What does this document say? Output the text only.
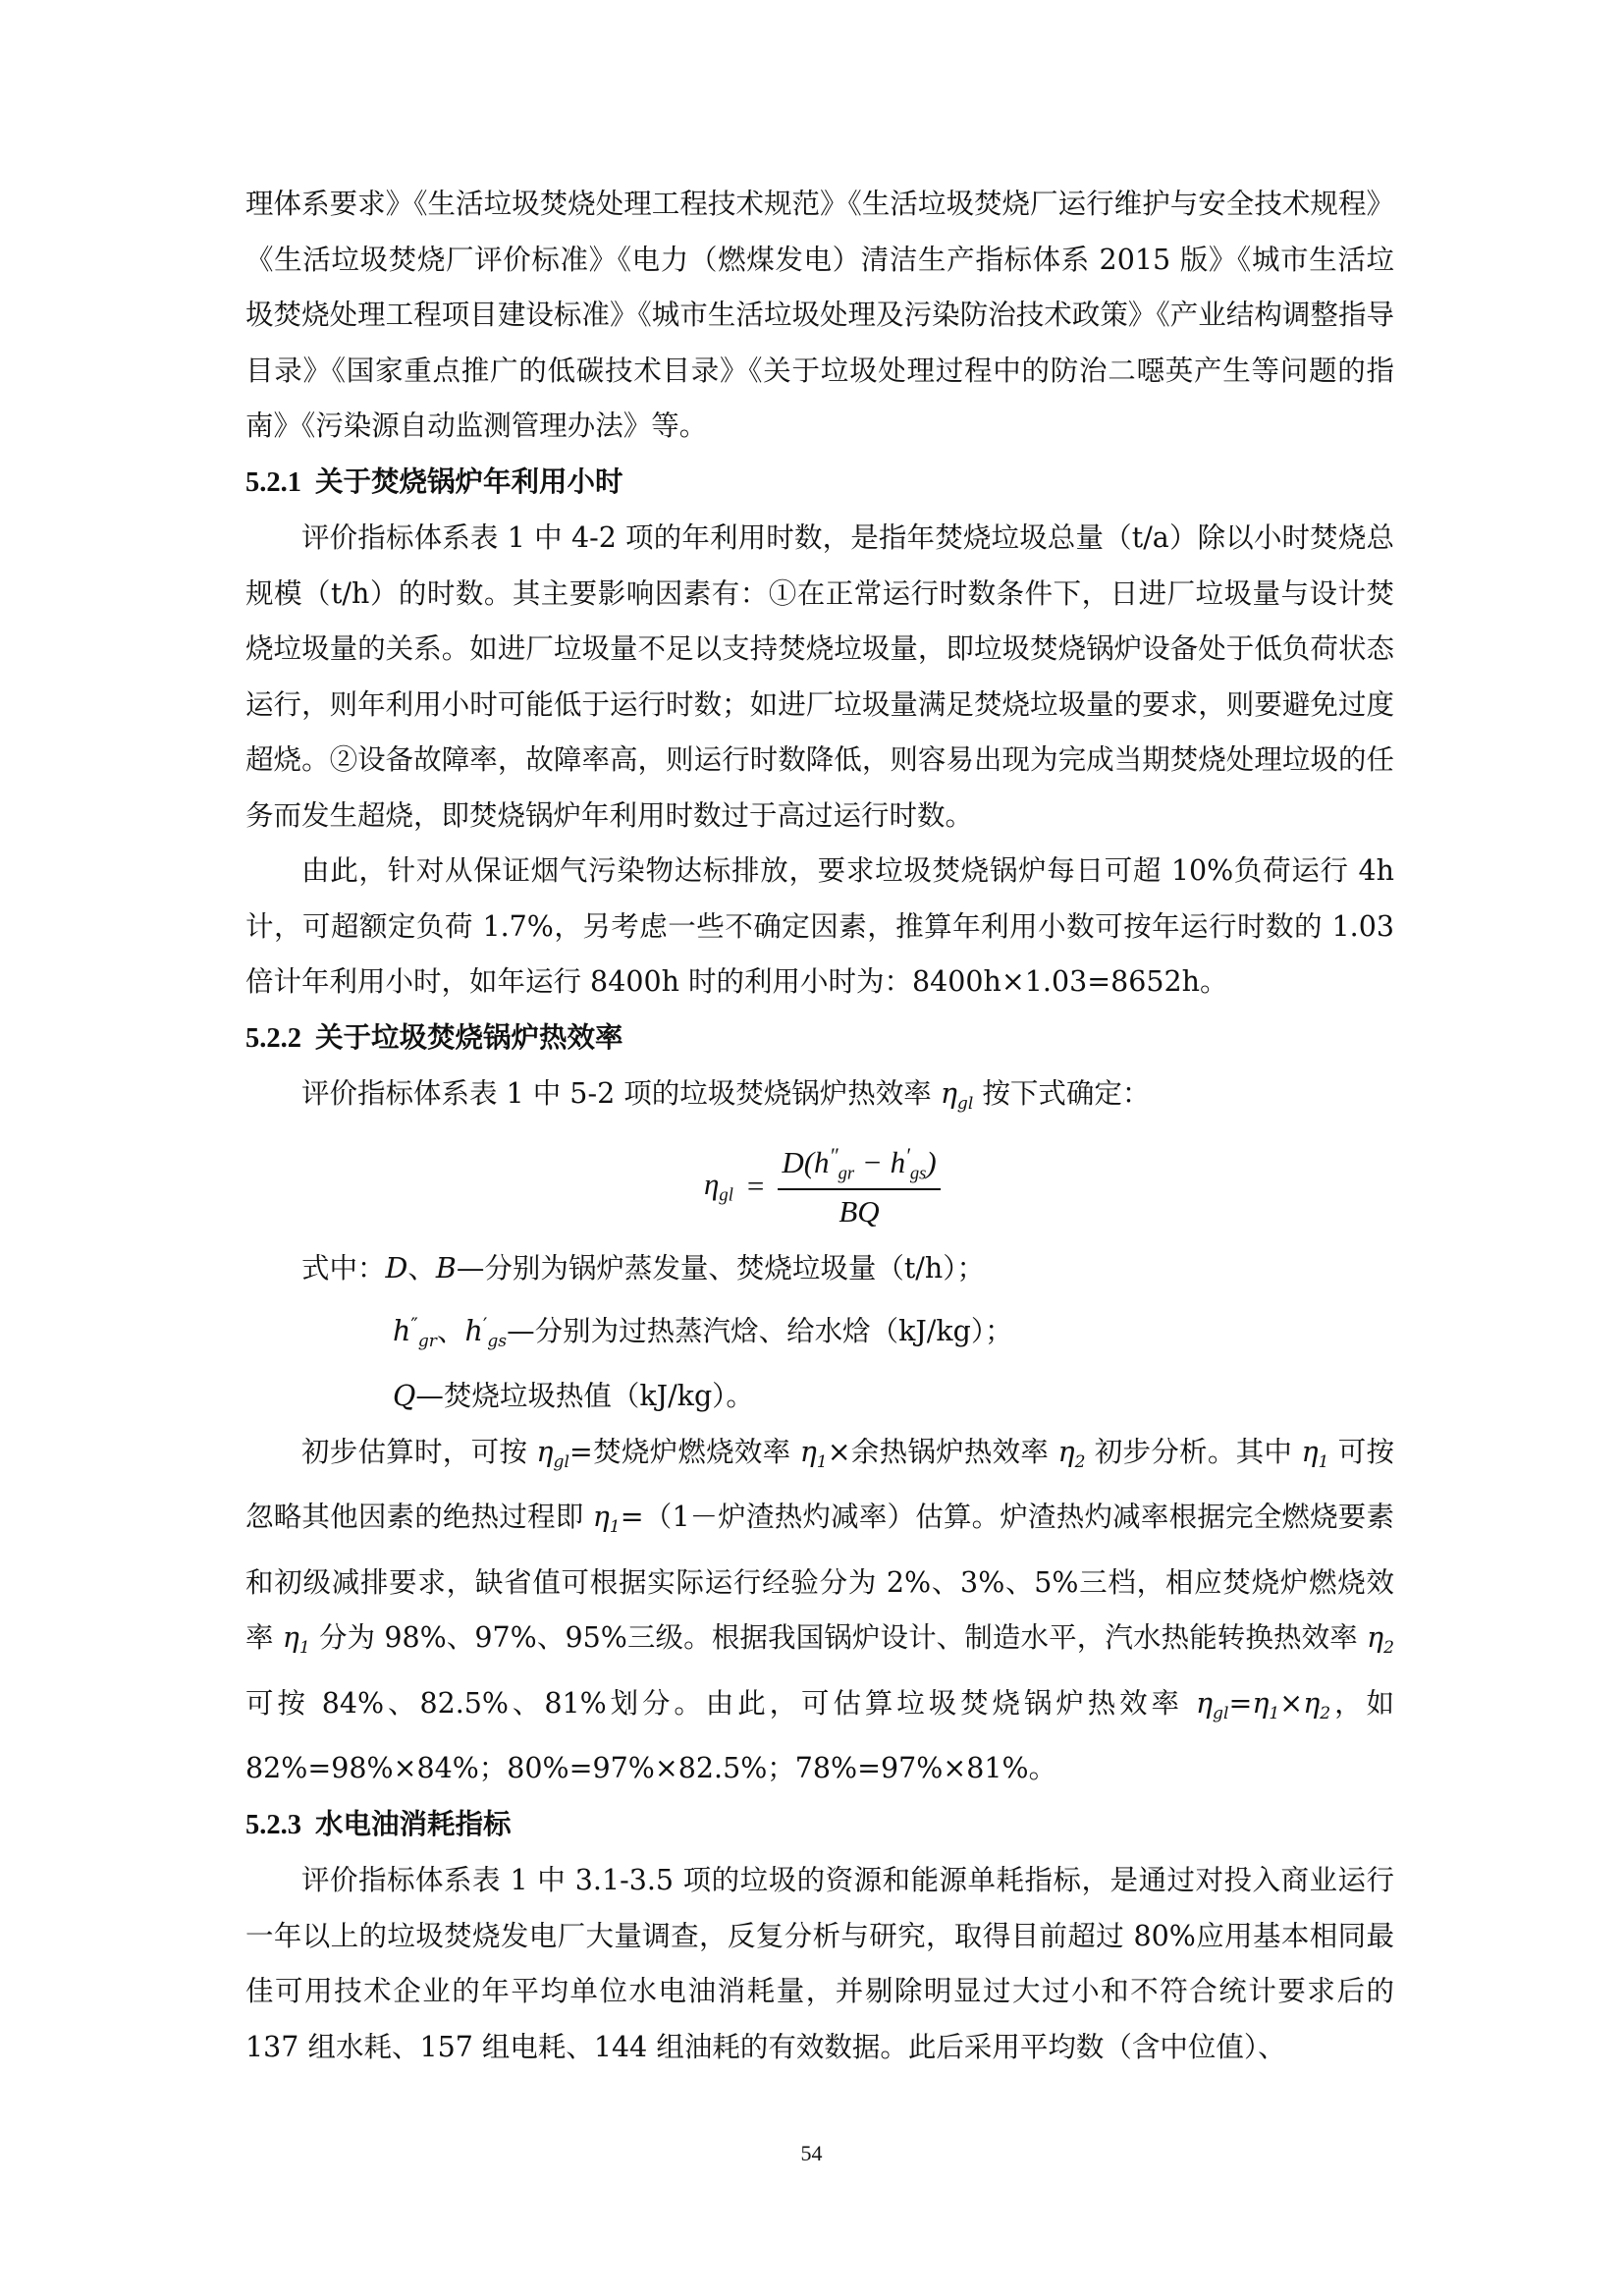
理体系要求》《生活垃圾焚烧处理工程技术规范》《生活垃圾焚烧厂运行维护与安全技术规程》《生活垃圾焚烧厂评价标准》《电力（燃煤发电）清洁生产指标体系 2015 版》《城市生活垃圾焚烧处理工程项目建设标准》《城市生活垃圾处理及污染防治技术政策》《产业结构调整指导目录》《国家重点推广的低碳技术目录》《关于垃圾处理过程中的防治二噁英产生等问题的指南》《污染源自动监测管理办法》等。

5.2.1 关于焚烧锅炉年利用小时

评价指标体系表 1 中 4-2 项的年利用时数，是指年焚烧垃圾总量（t/a）除以小时焚烧总规模（t/h）的时数。其主要影响因素有：①在正常运行时数条件下，日进厂垃圾量与设计焚烧垃圾量的关系。如进厂垃圾量不足以支持焚烧垃圾量，即垃圾焚烧锅炉设备处于低负荷状态运行，则年利用小时可能低于运行时数；如进厂垃圾量满足焚烧垃圾量的要求，则要避免过度超烧。②设备故障率，故障率高，则运行时数降低，则容易出现为完成当期焚烧处理垃圾的任务而发生超烧，即焚烧锅炉年利用时数过于高过运行时数。

由此，针对从保证烟气污染物达标排放，要求垃圾焚烧锅炉每日可超 10%负荷运行 4h 计，可超额定负荷 1.7%，另考虑一些不确定因素，推算年利用小数可按年运行时数的 1.03 倍计年利用小时，如年运行 8400h 时的利用小时为：8400h×1.03=8652h。

5.2.2 关于垃圾焚烧锅炉热效率

评价指标体系表 1 中 5-2 项的垃圾焚烧锅炉热效率 $\eta_{gl}$ 按下式确定：

$\eta_{gl} = \frac{D(h''_{gr} - h'_{gs})}{BQ}$

式中：D、B—分别为锅炉蒸发量、焚烧垃圾量（t/h）；

$h''_{gr}$、$h'_{gs}—$分别为过热蒸汽焓、给水焓（kJ/kg）；

Q—焚烧垃圾热值（kJ/kg）。

初步估算时，可按 $\eta_{gl}=$焚烧炉燃烧效率 $\eta_1\times$余热锅炉热效率 $\eta_2$ 初步分析。其中 $\eta_1$ 可按忽略其他因素的绝热过程即 $\eta_1=(1-$炉渣热灼减率）估算。炉渣热灼减率根据完全燃烧要素和初级减排要求，缺省值可根据实际运行经验分为 2%、3%、5%三档，相应焚烧炉燃烧效率 $\eta_1$ 分为 98%、97%、95%三级。根据我国锅炉设计、制造水平，汽水热能转换热效率 $\eta_2$ 可按 84%、82.5%、81%划分。由此，可估算垃圾焚烧锅炉热效率 $\eta_{gl}=\eta_1\times\eta_2$，如 82%=98%×84%；80%=97%×82.5%；78%=97%×81%。

5.2.3 水电油消耗指标

评价指标体系表 1 中 3.1-3.5 项的垃圾的资源和能源单耗指标，是通过对投入商业运行一年以上的垃圾焚烧发电厂大量调查，反复分析与研究，取得目前超过 80%应用基本相同最佳可用技术企业的年平均单位水电油消耗量，并剔除明显过大过小和不符合统计要求后的 137 组水耗、157 组电耗、144 组油耗的有效数据。此后采用平均数（含中位值）、

54
